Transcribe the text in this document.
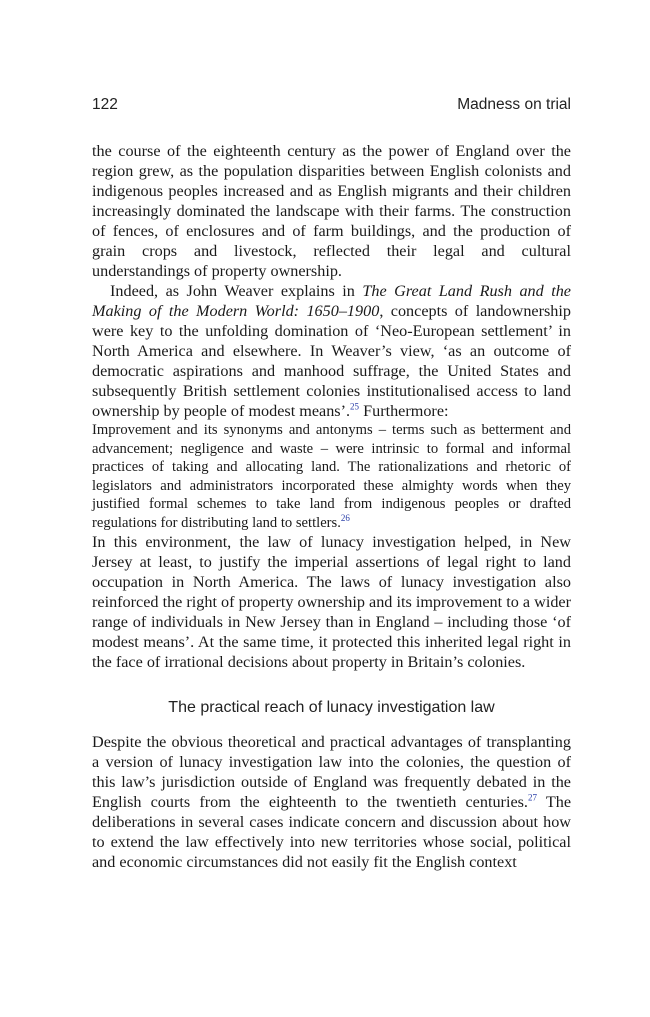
122	Madness on trial

the course of the eighteenth century as the power of England over the region grew, as the population disparities between English colonists and indigenous peoples increased and as English migrants and their children increasingly dominated the landscape with their farms. The construction of fences, of enclosures and of farm buildings, and the production of grain crops and livestock, reflected their legal and cultural understandings of property ownership.

Indeed, as John Weaver explains in The Great Land Rush and the Making of the Modern World: 1650–1900, concepts of landownership were key to the unfolding domination of ‘Neo-European settlement’ in North America and elsewhere. In Weaver’s view, ‘as an outcome of democratic aspirations and manhood suffrage, the United States and subsequently British settlement colonies institutionalised access to land ownership by people of modest means’.$^{25}$ Furthermore:

Improvement and its synonyms and antonyms – terms such as betterment and advancement; negligence and waste – were intrinsic to formal and informal practices of taking and allocating land. The rationalizations and rhetoric of legislators and administrators incorporated these almighty words when they justified formal schemes to take land from indigenous peoples or drafted regulations for distributing land to settlers.$^{26}$

In this environment, the law of lunacy investigation helped, in New Jersey at least, to justify the imperial assertions of legal right to land occupation in North America. The laws of lunacy investigation also reinforced the right of property ownership and its improvement to a wider range of individuals in New Jersey than in England – including those ‘of modest means’. At the same time, it protected this inherited legal right in the face of irrational decisions about property in Britain’s colonies.

The practical reach of lunacy investigation law

Despite the obvious theoretical and practical advantages of transplanting a version of lunacy investigation law into the colonies, the question of this law’s jurisdiction outside of England was frequently debated in the English courts from the eighteenth to the twentieth centuries.$^{27}$ The deliberations in several cases indicate concern and discussion about how to extend the law effectively into new territories whose social, political and economic circumstances did not easily fit the English context
